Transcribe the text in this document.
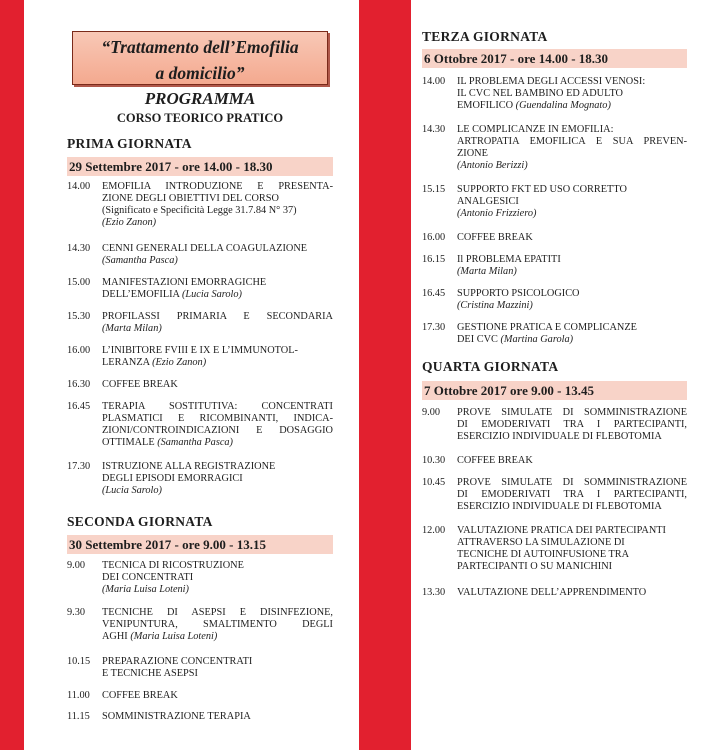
“Trattamento dell’Emofilia
a domicilio”
PROGRAMMA
CORSO TEORICO PRATICO
PRIMA GIORNATA
29 Settembre 2017 - ore 14.00 - 18.30
14.00	EMOFILIA INTRODUZIONE E PRESENTA-
ZIONE DEGLI OBIETTIVI DEL CORSO
(Significato e Specificità Legge 31.7.84 N° 37)
(Ezio Zanon)
14.30	CENNI GENERALI DELLA COAGULAZIONE
(Samantha Pasca)
15.00	MANIFESTAZIONI EMORRAGICHE
DELL’EMOFILIA (Lucia Sarolo)
15.30	PROFILASSI PRIMARIA E SECONDARIA
(Marta Milan)
16.00	L’INIBITORE FVIII E IX E L’IMMUNOTOL-
LERANZA (Ezio Zanon)
16.30	COFFEE BREAK
16.45	TERAPIA SOSTITUTIVA: CONCENTRATI
PLASMATICI E RICOMBINANTI, INDICA-
ZIONI/CONTROINDICAZIONI E DOSAGGIO
OTTIMALE (Samantha Pasca)
17.30	ISTRUZIONE ALLA REGISTRAZIONE
DEGLI EPISODI EMORRAGICI
(Lucia Sarolo)
SECONDA GIORNATA
30 Settembre 2017 - ore 9.00 - 13.15
9.00	TECNICA DI RICOSTRUZIONE
DEI CONCENTRATI
(Maria Luisa Loteni)
9.30	TECNICHE DI ASEPSI E DISINFEZIONE,
VENIPUNTURA, SMALTIMENTO DEGLI
AGHI (Maria Luisa Loteni)
10.15	PREPARAZIONE CONCENTRATI
E TECNICHE ASEPSI
11.00	COFFEE BREAK
11.15	SOMMINISTRAZIONE TERAPIA
TERZA GIORNATA
6 Ottobre 2017 - ore 14.00 - 18.30
14.00	IL PROBLEMA DEGLI ACCESSI VENOSI:
IL CVC NEL BAMBINO ED ADULTO
EMOFILICO (Guendalina Mognato)
14.30	LE COMPLICANZE IN EMOFILIA:
ARTROPATIA EMOFILICA E SUA PREVEN-
ZIONE
(Antonio Berizzi)
15.15	SUPPORTO FKT ED USO CORRETTO
ANALGESICI
(Antonio Frizziero)
16.00	COFFEE BREAK
16.15	Il PROBLEMA EPATITI
(Marta Milan)
16.45	SUPPORTO PSICOLOGICO
(Cristina Mazzini)
17.30	GESTIONE PRATICA E COMPLICANZE
DEI CVC (Martina Garola)
QUARTA GIORNATA
7 Ottobre 2017 ore 9.00 - 13.45
9.00	PROVE SIMULATE DI SOMMINISTRAZIONE
DI EMODERIVATI TRA I PARTECIPANTI,
ESERCIZIO INDIVIDUALE DI FLEBOTOMIA
10.30	COFFEE BREAK
10.45	PROVE SIMULATE DI SOMMINISTRAZIONE
DI EMODERIVATI TRA I PARTECIPANTI,
ESERCIZIO INDIVIDUALE DI FLEBOTOMIA
12.00	VALUTAZIONE PRATICA DEI PARTECIPANTI
ATTRAVERSO LA SIMULAZIONE DI
TECNICHE DI AUTOINFUSIONE TRA
PARTECIPANTI O SU MANICHINI
13.30	VALUTAZIONE DELL’APPRENDIMENTO
